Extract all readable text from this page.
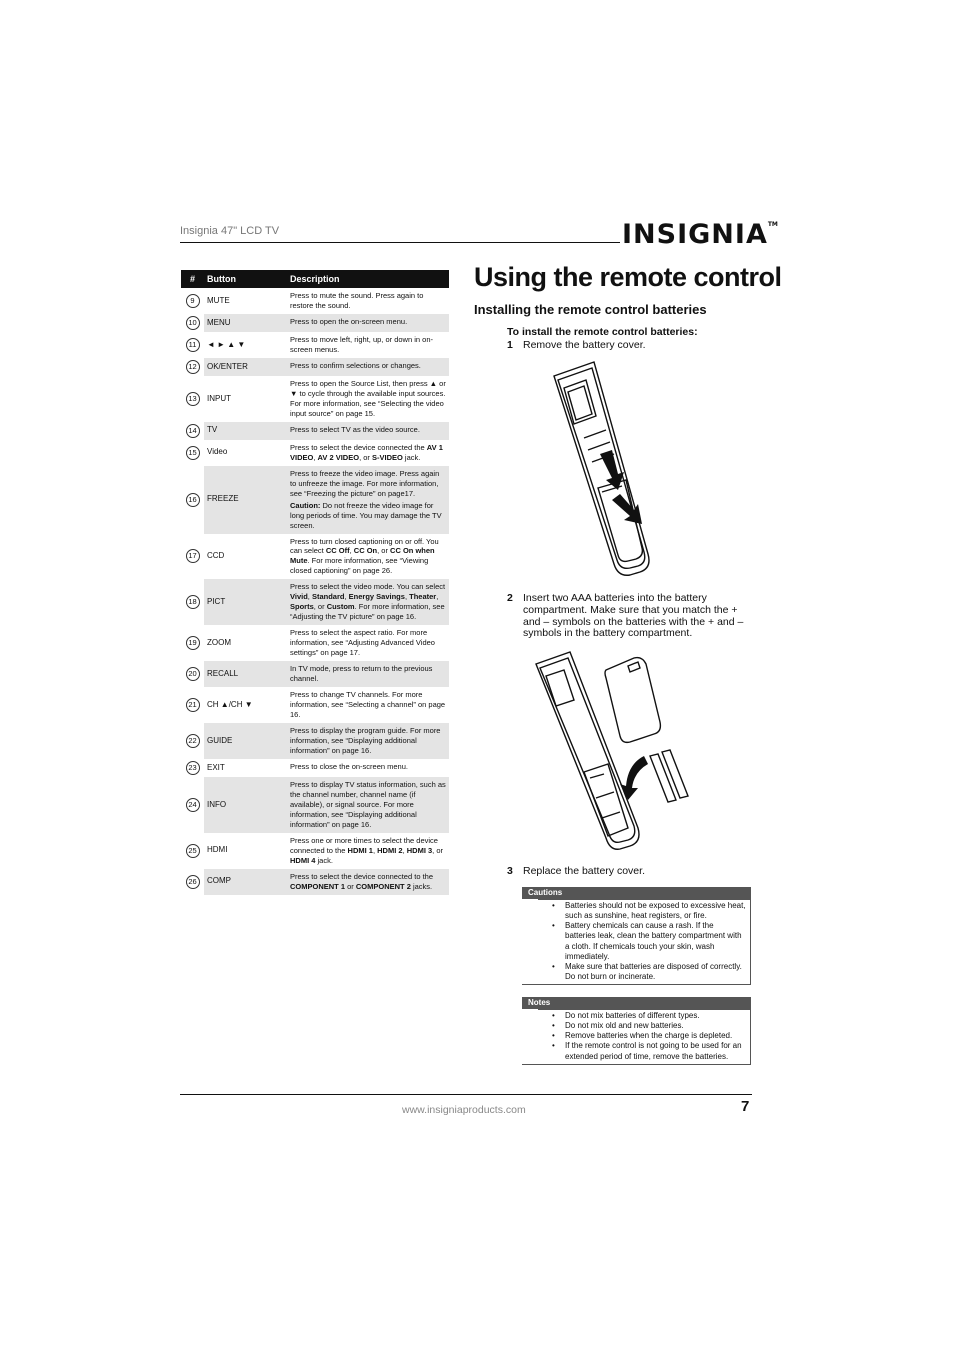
Insignia 47" LCD TV	INSIGNIA™
#	Button	Description
9	MUTE	Press to mute the sound. Press again to restore the sound.

10	MENU	Press to open the on-screen menu.

11	◄ ► ▲ ▼	Press to move left, right, up, or down in on-screen menus.

12	OK/ENTER	Press to confirm selections or changes.

13	INPUT	Press to open the Source List, then press ▲ or ▼ to cycle through the available input sources. For more information, see “Selecting the video input source” on page 15.

14	TV	Press to select TV as the video source.

15	Video	Press to select the device connected the AV 1 VIDEO, AV 2 VIDEO, or S-VIDEO jack.

16	FREEZE	Press to freeze the video image. Press again to unfreeze the image. For more information, see “Freezing the picture” on page17.

Caution: Do not freeze the video image for long periods of time. You may damage the TV screen.

17	CCD	Press to turn closed captioning on or off. You can select CC Off, CC On, or CC On when Mute. For more information, see “Viewing closed captioning” on page 26.

18	PICT	Press to select the video mode. You can select Vivid, Standard, Energy Savings, Theater, Sports, or Custom. For more information, see “Adjusting the TV picture” on page 16.

19	ZOOM	Press to select the aspect ratio. For more information, see “Adjusting Advanced Video settings” on page 17.

20	RECALL	In TV mode, press to return to the previous channel.

21	CH ▲/CH ▼	Press to change TV channels. For more information, see “Selecting a channel” on page 16.

22	GUIDE	Press to display the program guide. For more information, see “Displaying additional information” on page 16.

23	EXIT	Press to close the on-screen menu.

24	INFO	Press to display TV status information, such as the channel number, channel name (if available), or signal source. For more information, see “Displaying additional information” on page 16.

25	HDMI	Press one or more times to select the device connected to the HDMI 1, HDMI 2, HDMI 3, or HDMI 4 jack.

26	COMP	Press to select the device connected to the COMPONENT 1 or COMPONENT 2 jacks.

Using the remote control
Installing the remote control batteries
To install the remote control batteries:
1 Remove the battery cover.
2 Insert two AAA batteries into the battery compartment. Make sure that you match the + and – symbols on the batteries with the + and – symbols in the battery compartment.
3 Replace the battery cover.
Cautions
• Batteries should not be exposed to excessive heat, such as sunshine, heat registers, or fire.
• Battery chemicals can cause a rash. If the batteries leak, clean the battery compartment with a cloth. If chemicals touch your skin, wash immediately.
• Make sure that batteries are disposed of correctly. Do not burn or incinerate.
Notes
• Do not mix batteries of different types.
• Do not mix old and new batteries.
• Remove batteries when the charge is depleted.
• If the remote control is not going to be used for an extended period of time, remove the batteries.
www.insigniaproducts.com	7
